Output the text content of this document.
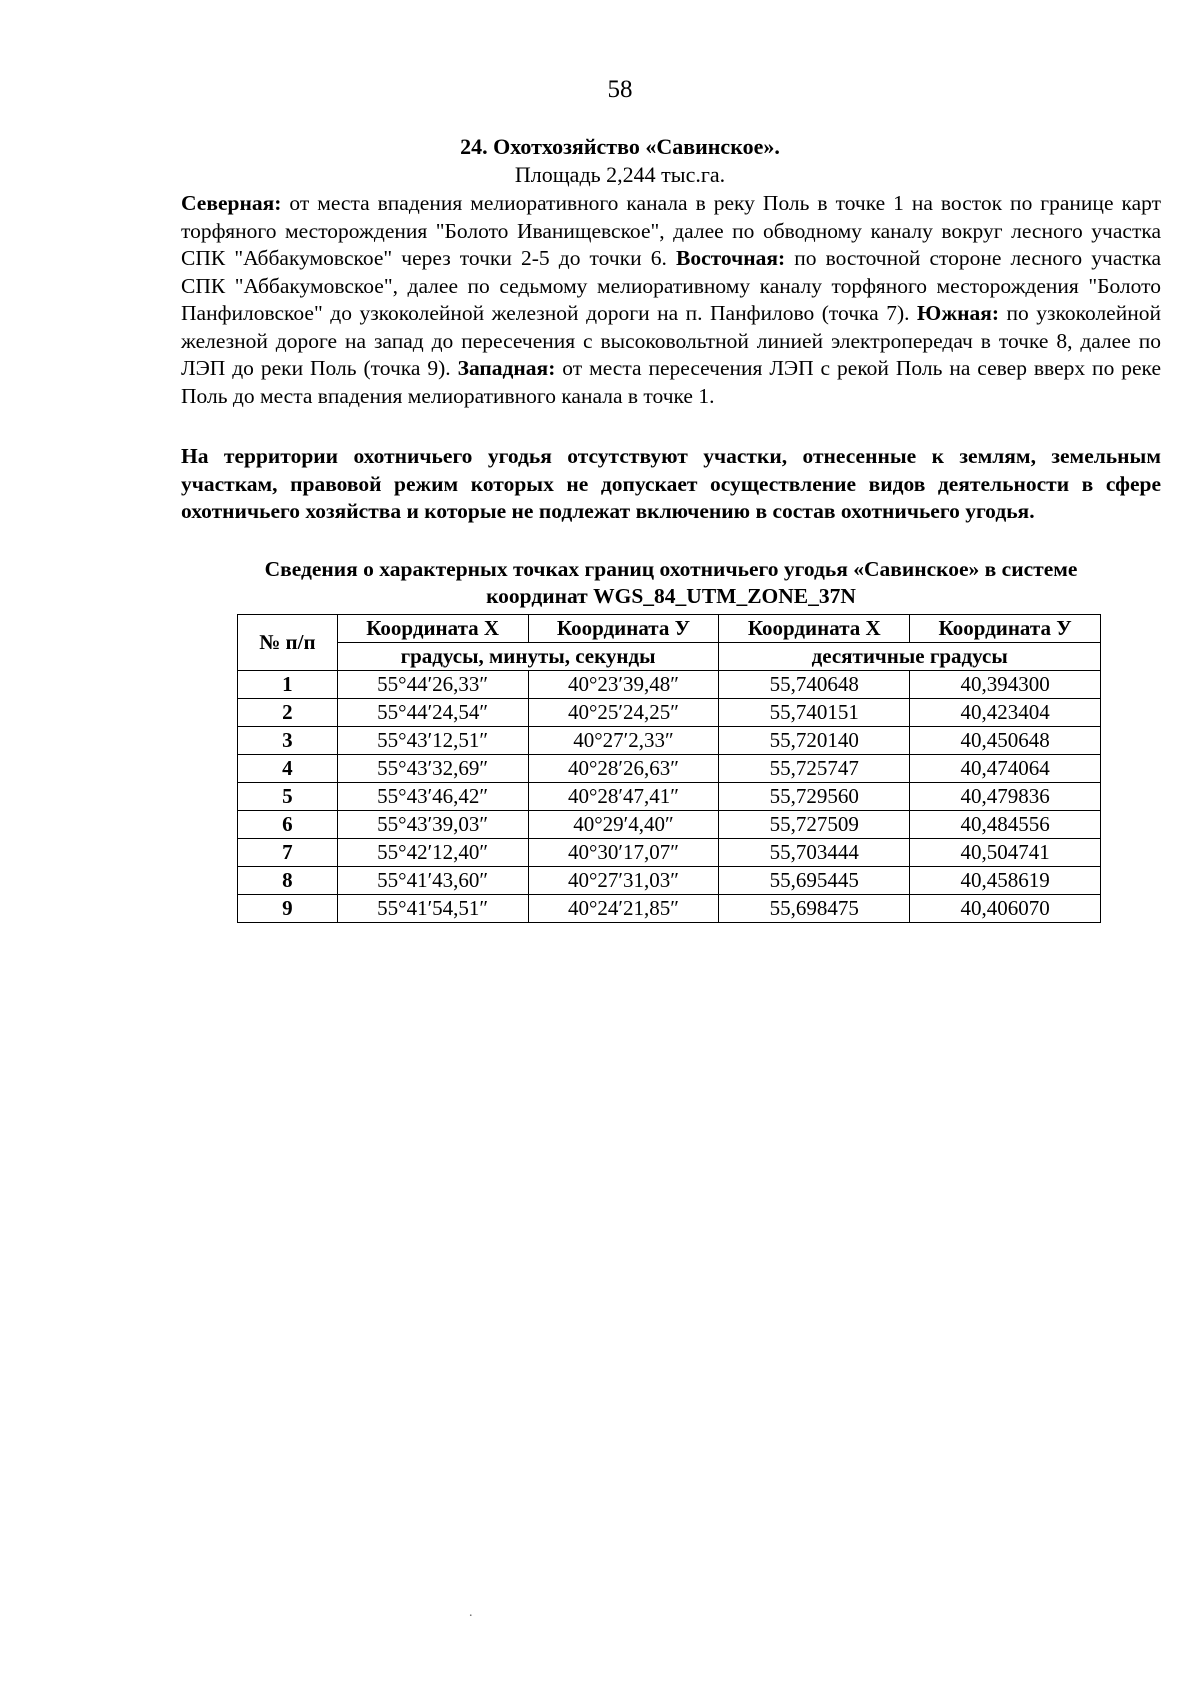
58
24. Охотхозяйство «Савинское».
Площадь 2,244 тыс.га.
Северная: от места впадения мелиоративного канала в реку Поль в точке 1 на восток по границе карт торфяного месторождения "Болото Иванищевское", далее по обводному каналу вокруг лесного участка СПК "Аббакумовское" через точки 2-5 до точки 6. Восточная: по восточной стороне лесного участка СПК "Аббакумовское", далее по седьмому мелиоративному каналу торфяного месторождения "Болото Панфиловское" до узкоколейной железной дороги на п. Панфилово (точка 7). Южная: по узкоколейной железной дороге на запад до пересечения с высоковольтной линией электропередач в точке 8, далее по ЛЭП до реки Поль (точка 9). Западная: от места пересечения ЛЭП с рекой Поль на север вверх по реке Поль до места впадения мелиоративного канала в точке 1.
На территории охотничьего угодья отсутствуют участки, отнесенные к землям, земельным участкам, правовой режим которых не допускает осуществление видов деятельности в сфере охотничьего хозяйства и которые не подлежат включению в состав охотничьего угодья.
Сведения о характерных точках границ охотничьего угодья «Савинское» в системе
координат WGS_84_UTM_ZONE_37N
№ п/п	Координата X	Координата У	Координата X	Координата У
	градусы, минуты, секунды		десятичные градусы	
1	55°44′26,33″	40°23′39,48″	55,740648	40,394300
2	55°44′24,54″	40°25′24,25″	55,740151	40,423404
3	55°43′12,51″	40°27′2,33″	55,720140	40,450648
4	55°43′32,69″	40°28′26,63″	55,725747	40,474064
5	55°43′46,42″	40°28′47,41″	55,729560	40,479836
6	55°43′39,03″	40°29′4,40″	55,727509	40,484556
7	55°42′12,40″	40°30′17,07″	55,703444	40,504741
8	55°41′43,60″	40°27′31,03″	55,695445	40,458619
9	55°41′54,51″	40°24′21,85″	55,698475	40,406070
.
